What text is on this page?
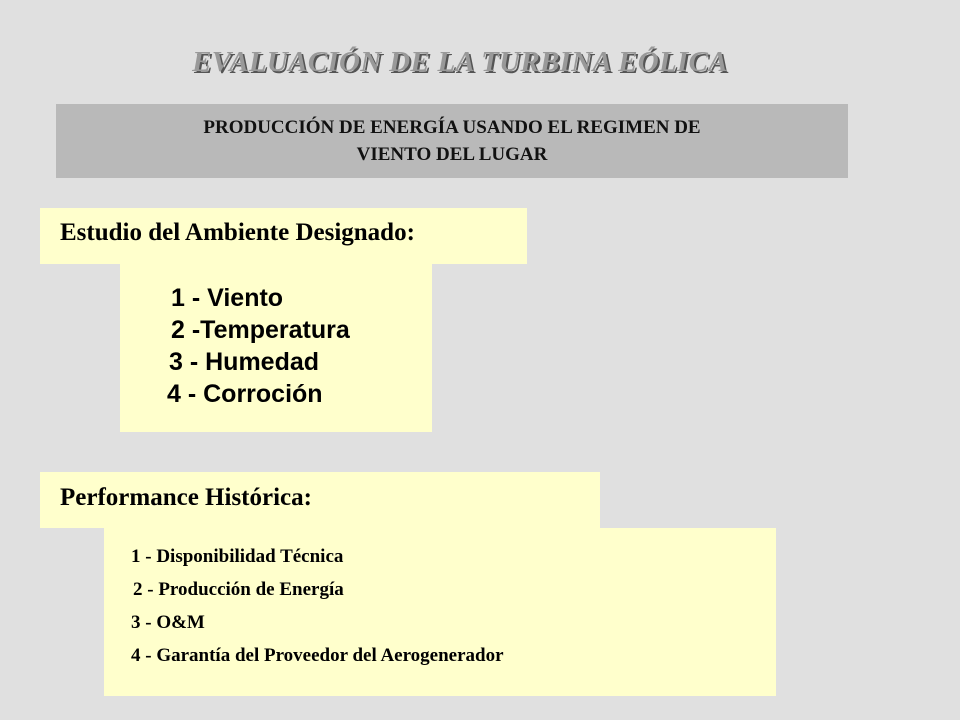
EVALUACIÓN DE LA TURBINA EÓLICA
PRODUCCIÓN DE ENERGÍA USANDO EL REGIMEN DE
VIENTO DEL LUGAR
Estudio del Ambiente Designado:
1 - Viento
2 -Temperatura
3 - Humedad
4 - Corroción
Performance Histórica:
1 - Disponibilidad Técnica
2 - Producción de Energía
3 - O&M
4 - Garantía del Proveedor del Aerogenerador
